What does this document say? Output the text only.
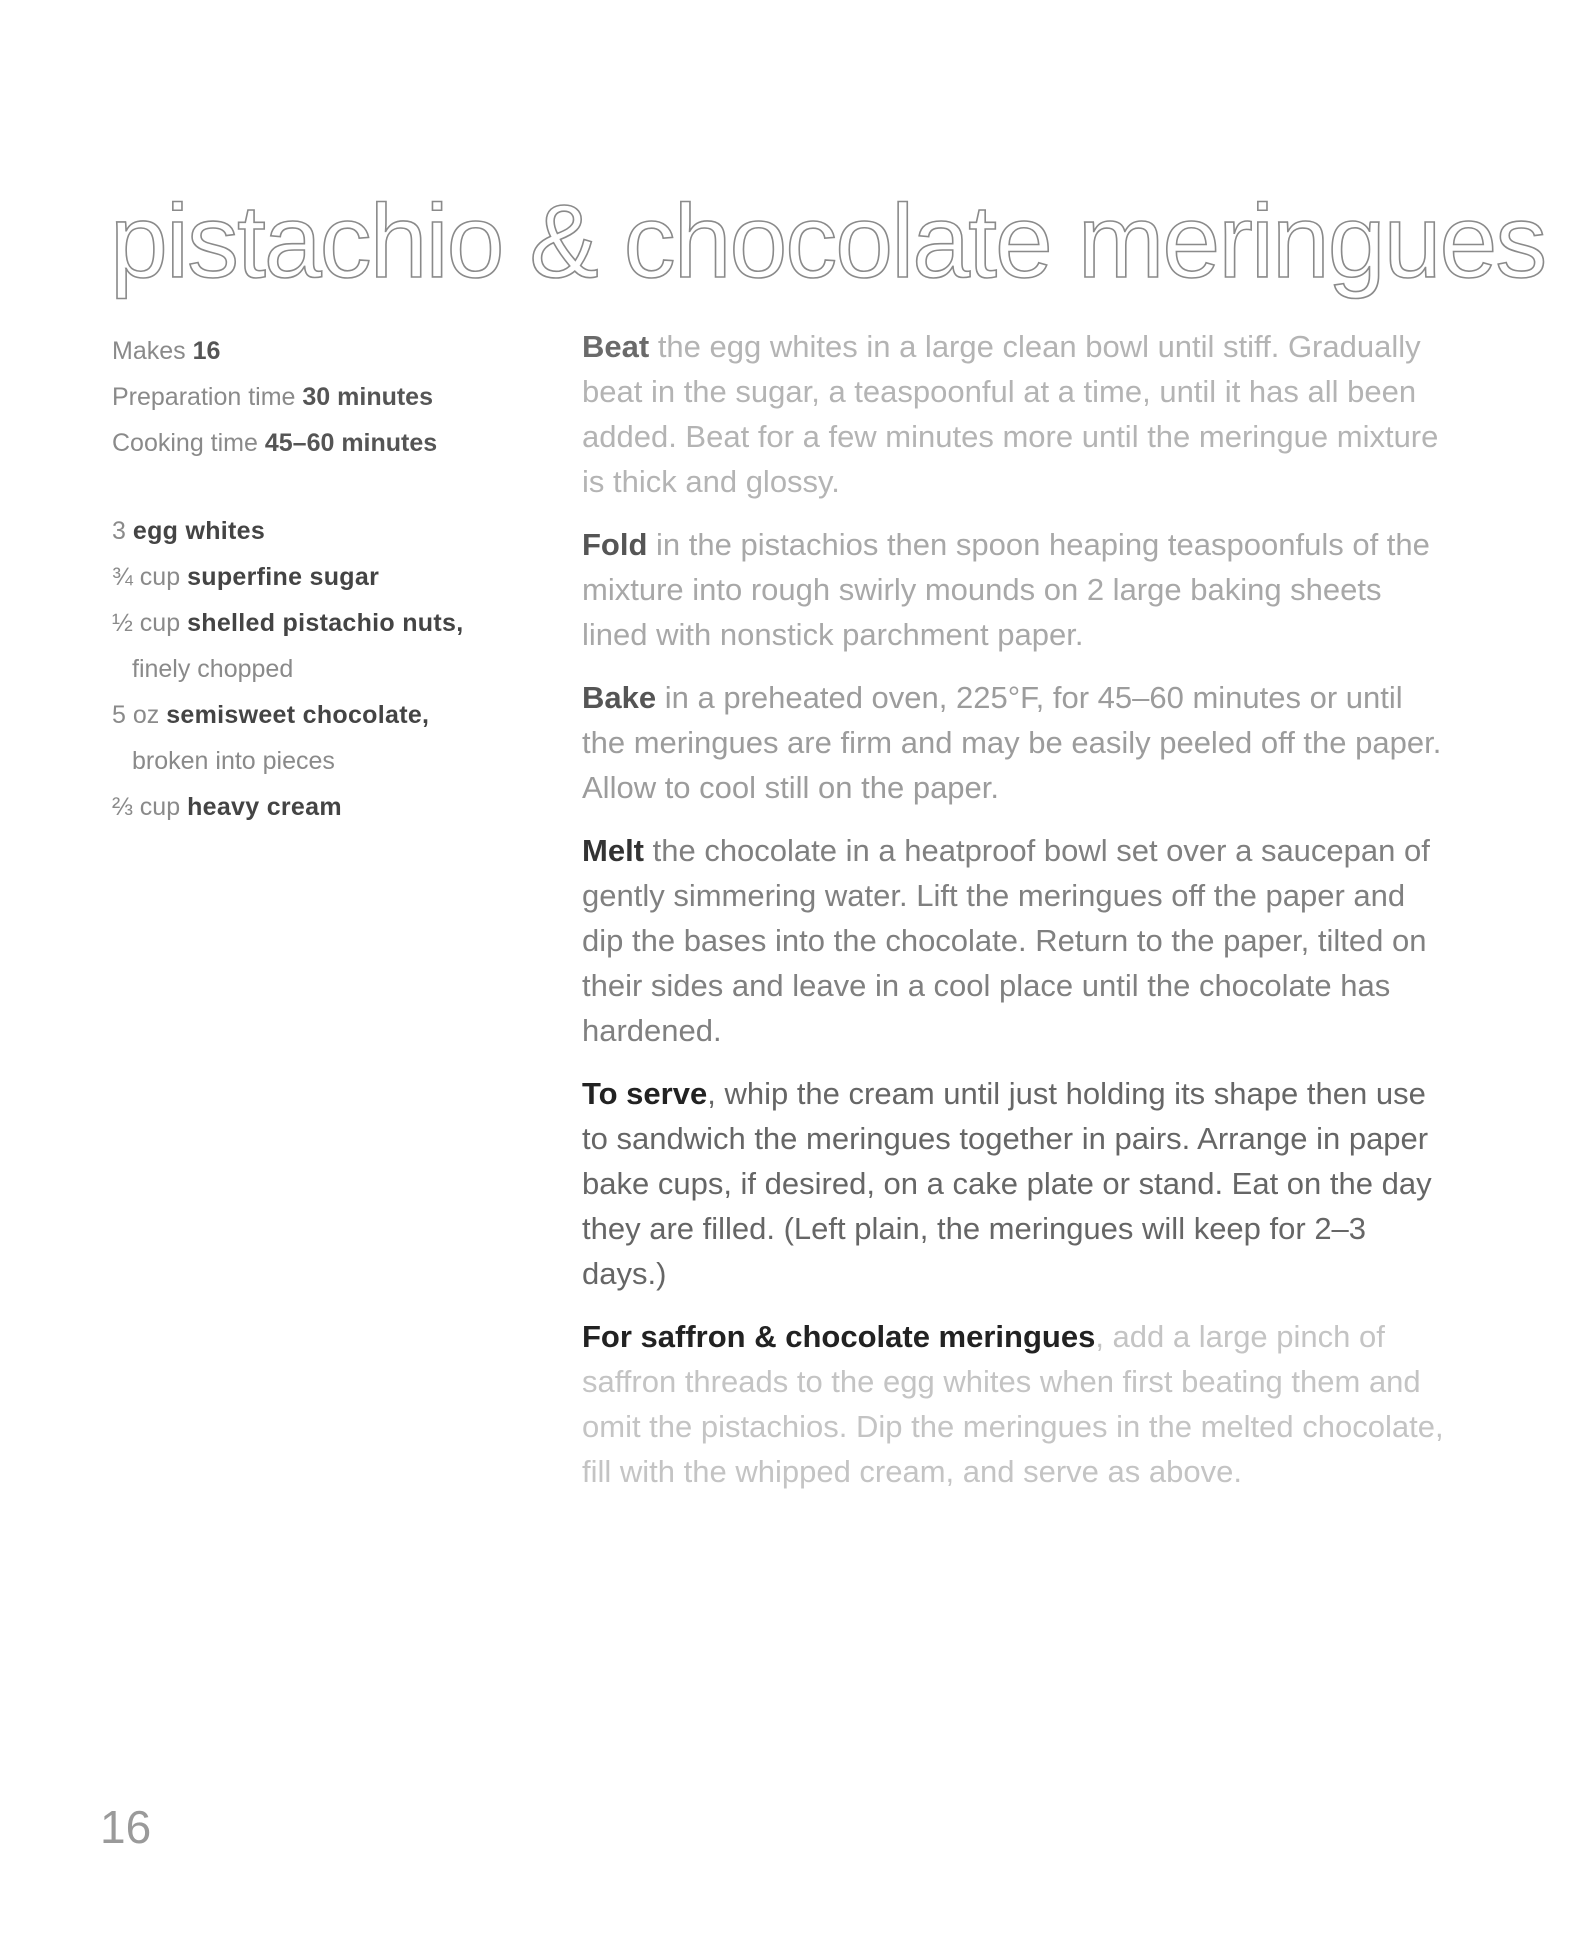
pistachio & chocolate meringues
Makes 16
Preparation time 30 minutes
Cooking time 45–60 minutes
3 egg whites
¾ cup superfine sugar
½ cup shelled pistachio nuts,
finely chopped
5 oz semisweet chocolate,
broken into pieces
⅔ cup heavy cream

Beat the egg whites in a large clean bowl until stiff. Gradually beat in the sugar, a teaspoonful at a time, until it has all been added. Beat for a few minutes more until the meringue mixture is thick and glossy.

Fold in the pistachios then spoon heaping teaspoonfuls of the mixture into rough swirly mounds on 2 large baking sheets lined with nonstick parchment paper.

Bake in a preheated oven, 225°F, for 45–60 minutes or until the meringues are firm and may be easily peeled off the paper. Allow to cool still on the paper.

Melt the chocolate in a heatproof bowl set over a saucepan of gently simmering water. Lift the meringues off the paper and dip the bases into the chocolate. Return to the paper, tilted on their sides and leave in a cool place until the chocolate has hardened.

To serve, whip the cream until just holding its shape then use to sandwich the meringues together in pairs. Arrange in paper bake cups, if desired, on a cake plate or stand. Eat on the day they are filled. (Left plain, the meringues will keep for 2–3 days.)

For saffron & chocolate meringues, add a large pinch of saffron threads to the egg whites when first beating them and omit the pistachios. Dip the meringues in the melted chocolate, fill with the whipped cream, and serve as above.

16
